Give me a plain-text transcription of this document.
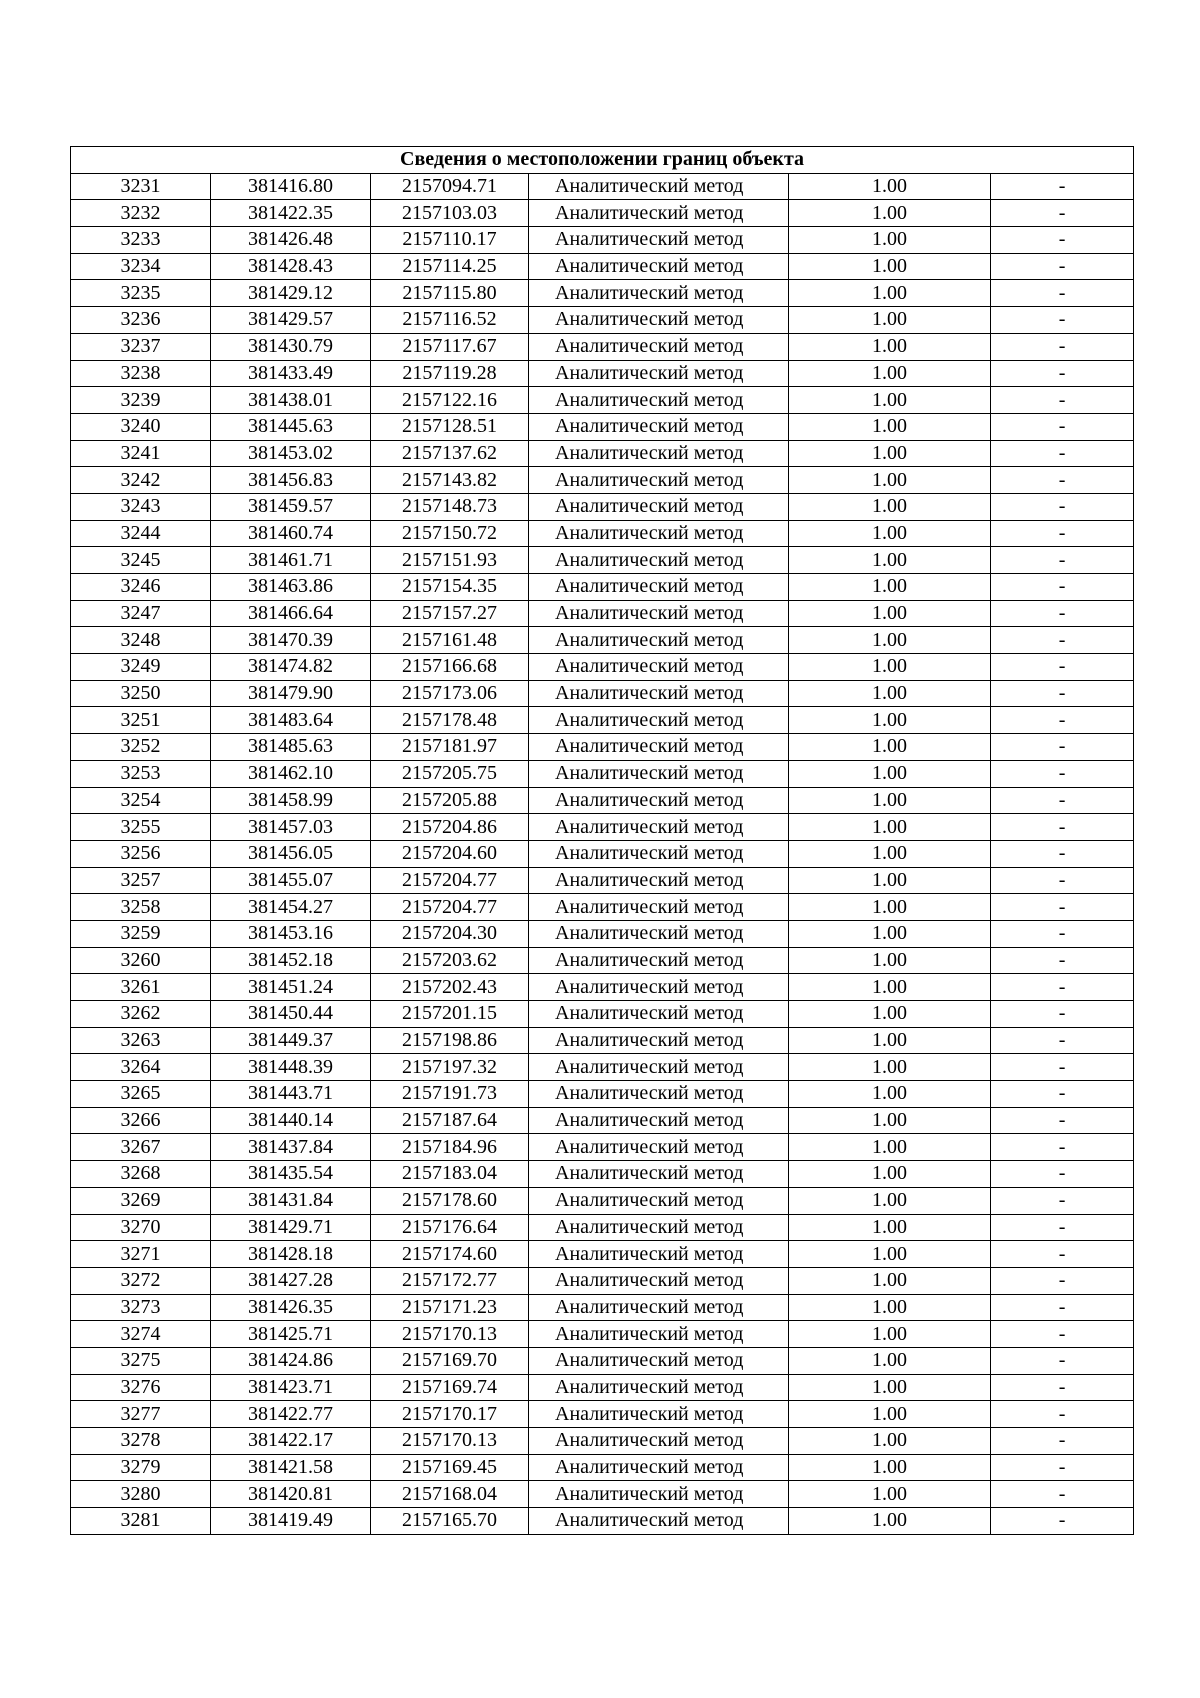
Сведения о местоположении границ объекта					
3231	381416.80	2157094.71	Аналитический метод	1.00	-
3232	381422.35	2157103.03	Аналитический метод	1.00	-
3233	381426.48	2157110.17	Аналитический метод	1.00	-
3234	381428.43	2157114.25	Аналитический метод	1.00	-
3235	381429.12	2157115.80	Аналитический метод	1.00	-
3236	381429.57	2157116.52	Аналитический метод	1.00	-
3237	381430.79	2157117.67	Аналитический метод	1.00	-
3238	381433.49	2157119.28	Аналитический метод	1.00	-
3239	381438.01	2157122.16	Аналитический метод	1.00	-
3240	381445.63	2157128.51	Аналитический метод	1.00	-
3241	381453.02	2157137.62	Аналитический метод	1.00	-
3242	381456.83	2157143.82	Аналитический метод	1.00	-
3243	381459.57	2157148.73	Аналитический метод	1.00	-
3244	381460.74	2157150.72	Аналитический метод	1.00	-
3245	381461.71	2157151.93	Аналитический метод	1.00	-
3246	381463.86	2157154.35	Аналитический метод	1.00	-
3247	381466.64	2157157.27	Аналитический метод	1.00	-
3248	381470.39	2157161.48	Аналитический метод	1.00	-
3249	381474.82	2157166.68	Аналитический метод	1.00	-
3250	381479.90	2157173.06	Аналитический метод	1.00	-
3251	381483.64	2157178.48	Аналитический метод	1.00	-
3252	381485.63	2157181.97	Аналитический метод	1.00	-
3253	381462.10	2157205.75	Аналитический метод	1.00	-
3254	381458.99	2157205.88	Аналитический метод	1.00	-
3255	381457.03	2157204.86	Аналитический метод	1.00	-
3256	381456.05	2157204.60	Аналитический метод	1.00	-
3257	381455.07	2157204.77	Аналитический метод	1.00	-
3258	381454.27	2157204.77	Аналитический метод	1.00	-
3259	381453.16	2157204.30	Аналитический метод	1.00	-
3260	381452.18	2157203.62	Аналитический метод	1.00	-
3261	381451.24	2157202.43	Аналитический метод	1.00	-
3262	381450.44	2157201.15	Аналитический метод	1.00	-
3263	381449.37	2157198.86	Аналитический метод	1.00	-
3264	381448.39	2157197.32	Аналитический метод	1.00	-
3265	381443.71	2157191.73	Аналитический метод	1.00	-
3266	381440.14	2157187.64	Аналитический метод	1.00	-
3267	381437.84	2157184.96	Аналитический метод	1.00	-
3268	381435.54	2157183.04	Аналитический метод	1.00	-
3269	381431.84	2157178.60	Аналитический метод	1.00	-
3270	381429.71	2157176.64	Аналитический метод	1.00	-
3271	381428.18	2157174.60	Аналитический метод	1.00	-
3272	381427.28	2157172.77	Аналитический метод	1.00	-
3273	381426.35	2157171.23	Аналитический метод	1.00	-
3274	381425.71	2157170.13	Аналитический метод	1.00	-
3275	381424.86	2157169.70	Аналитический метод	1.00	-
3276	381423.71	2157169.74	Аналитический метод	1.00	-
3277	381422.77	2157170.17	Аналитический метод	1.00	-
3278	381422.17	2157170.13	Аналитический метод	1.00	-
3279	381421.58	2157169.45	Аналитический метод	1.00	-
3280	381420.81	2157168.04	Аналитический метод	1.00	-
3281	381419.49	2157165.70	Аналитический метод	1.00	-
